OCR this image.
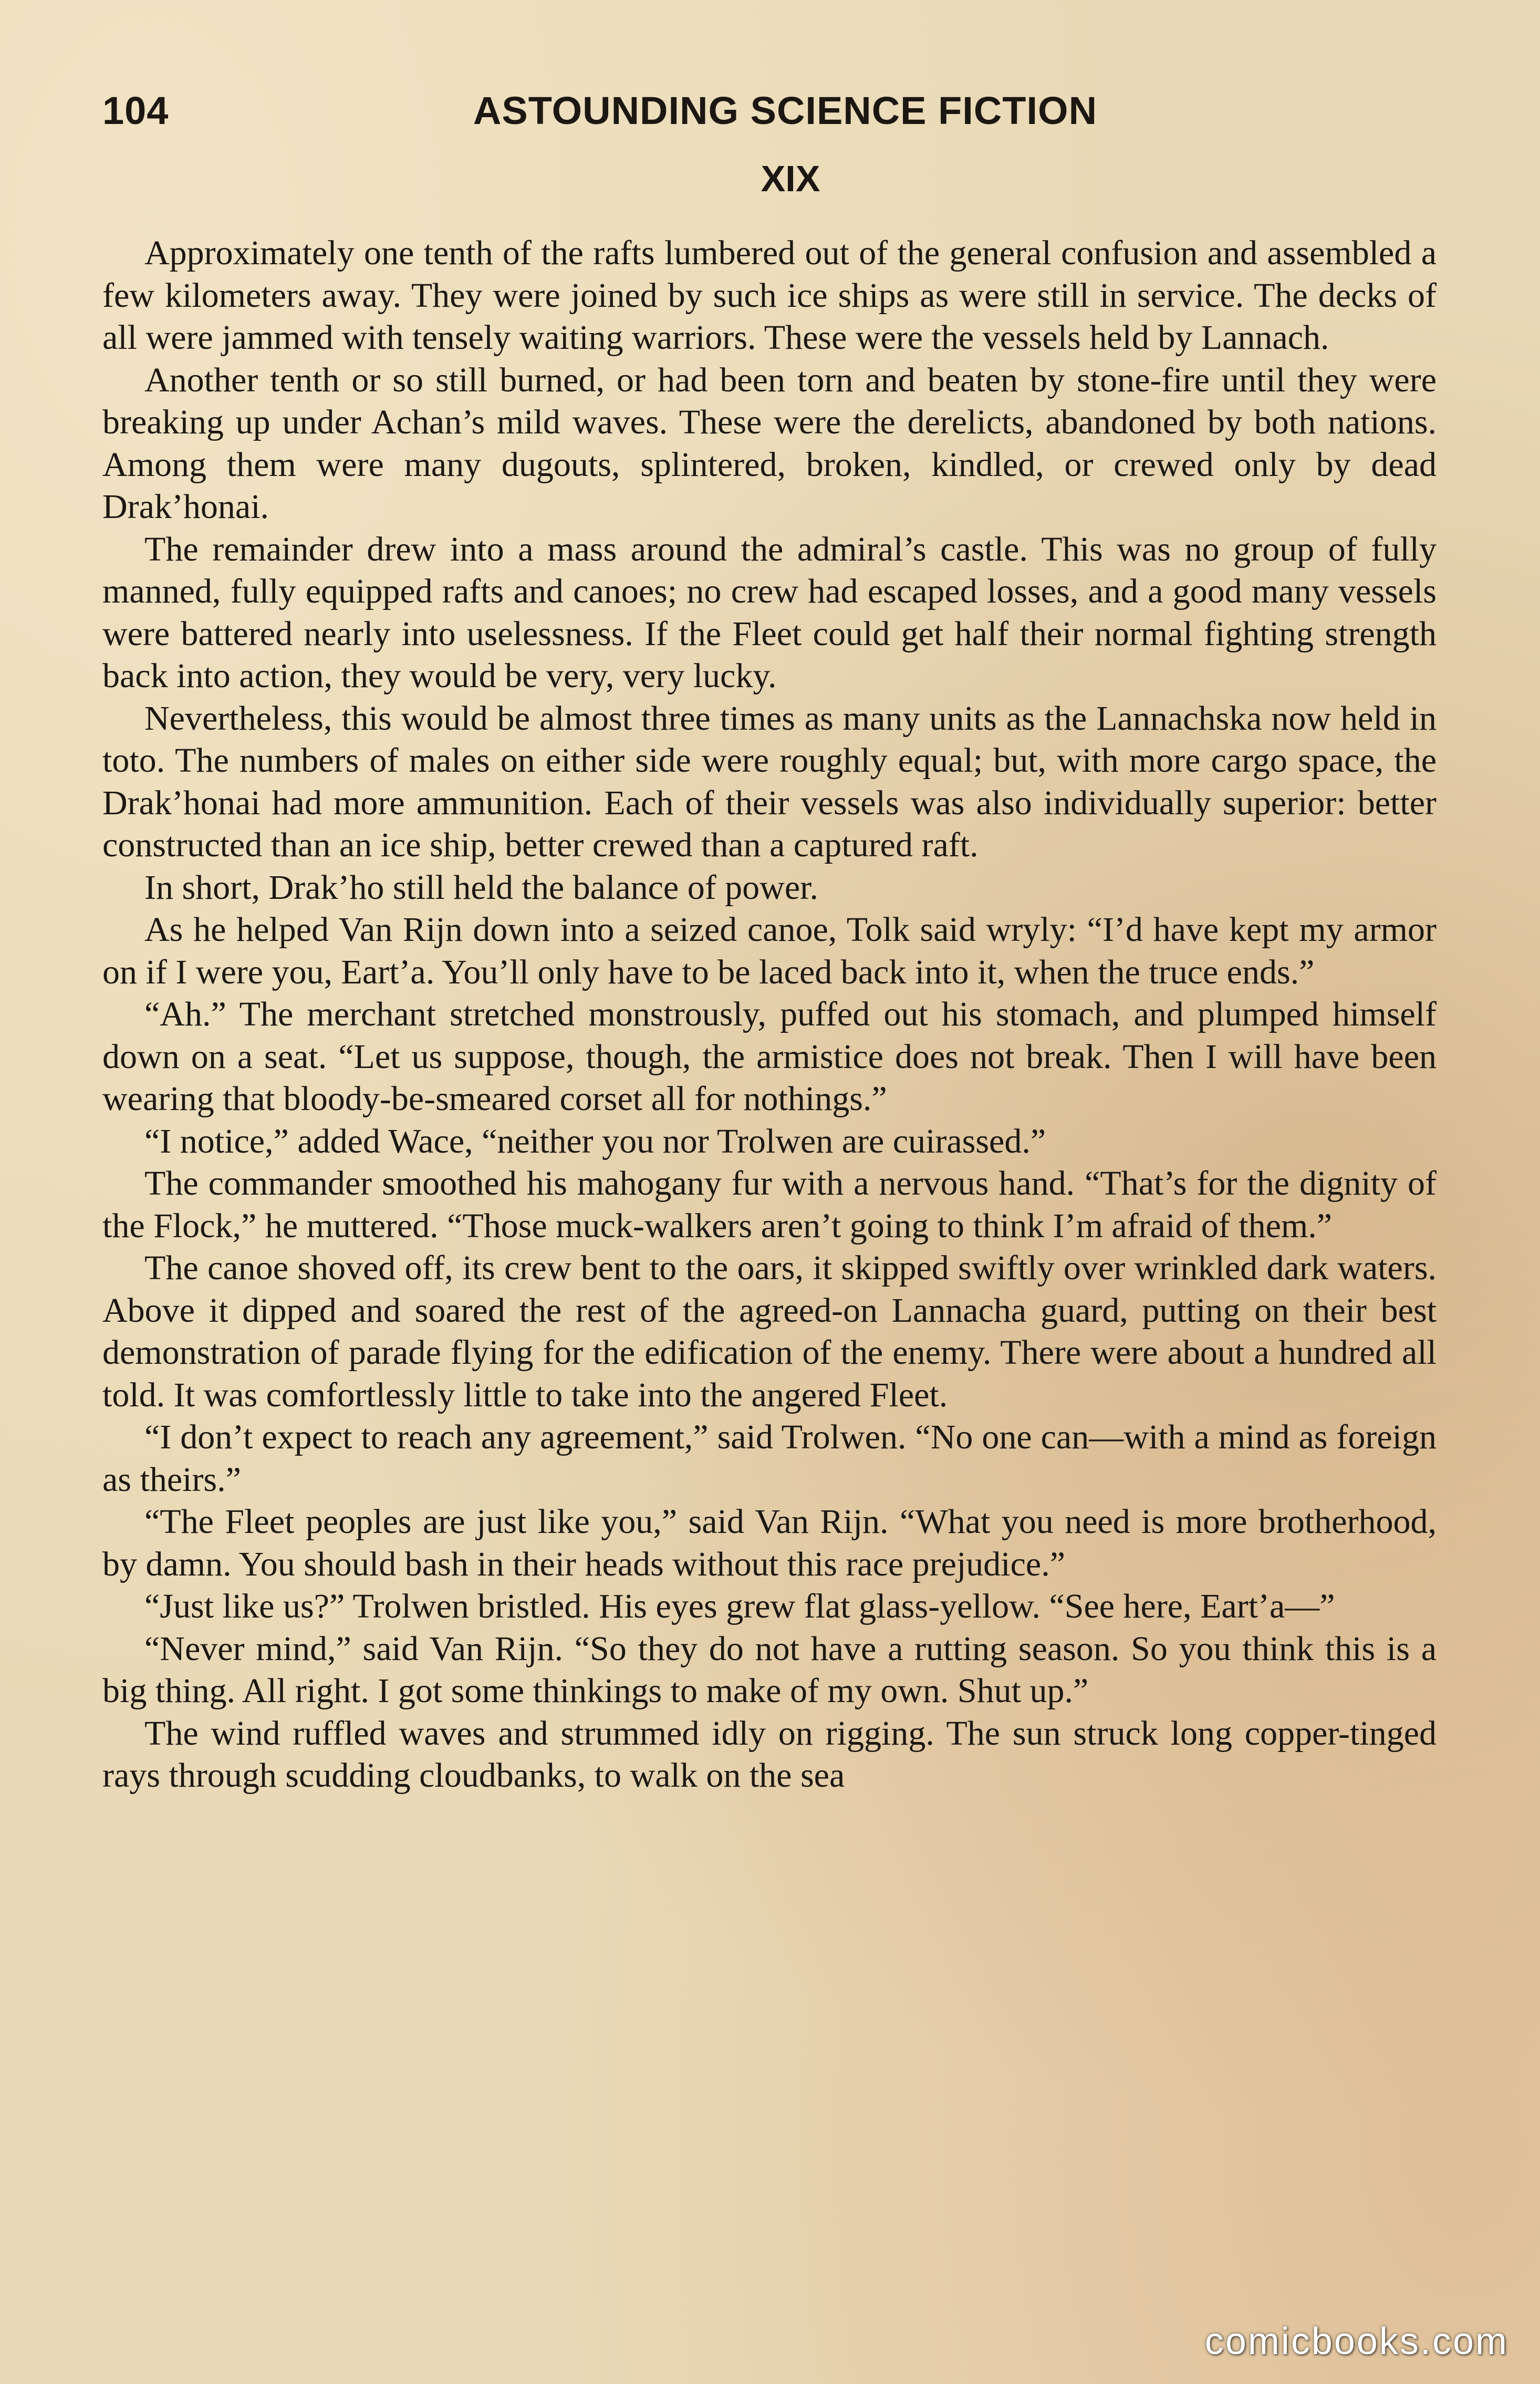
104	ASTOUNDING SCIENCE FICTION
XIX

Approximately one tenth of the rafts lumbered out of the general confusion and assembled a few kilometers away. They were joined by such ice ships as were still in service. The decks of all were jammed with tensely waiting warriors. These were the vessels held by Lannach.

Another tenth or so still burned, or had been torn and beaten by stone-fire until they were breaking up under Achan’s mild waves. These were the derelicts, abandoned by both nations. Among them were many dugouts, splintered, broken, kindled, or crewed only by dead Drak’honai.

The remainder drew into a mass around the admiral’s castle. This was no group of fully manned, fully equipped rafts and canoes; no crew had escaped losses, and a good many vessels were battered nearly into uselessness. If the Fleet could get half their normal fighting strength back into action, they would be very, very lucky.

Nevertheless, this would be almost three times as many units as the Lannachska now held in toto. The numbers of males on either side were roughly equal; but, with more cargo space, the Drak’honai had more ammunition. Each of their vessels was also individually superior: better constructed than an ice ship, better crewed than a captured raft.

In short, Drak’ho still held the balance of power.

As he helped Van Rijn down into a seized canoe, Tolk said wryly: “I’d have kept my armor on if I were you, Eart’a. You’ll only have to be laced back into it, when the truce ends.”

“Ah.” The merchant stretched monstrously, puffed out his stomach, and plumped himself down on a seat. “Let us suppose, though, the armistice does not break. Then I will have been wearing that bloody-be-smeared corset all for nothings.”

“I notice,” added Wace, “neither you nor Trolwen are cuirassed.”

The commander smoothed his mahogany fur with a nervous hand. “That’s for the dignity of the Flock,” he muttered. “Those muck-walkers aren’t going to think I’m afraid of them.”

The canoe shoved off, its crew bent to the oars, it skipped swiftly over wrinkled dark waters. Above it dipped and soared the rest of the agreed-on Lannacha guard, putting on their best demonstration of parade flying for the edification of the enemy. There were about a hundred all told. It was comfortlessly little to take into the angered Fleet.

“I don’t expect to reach any agreement,” said Trolwen. “No one can—with a mind as foreign as theirs.”

“The Fleet peoples are just like you,” said Van Rijn. “What you need is more brotherhood, by damn. You should bash in their heads without this race prejudice.”

“Just like us?” Trolwen bristled. His eyes grew flat glass-yellow. “See here, Eart’a—”

“Never mind,” said Van Rijn. “So they do not have a rutting season. So you think this is a big thing. All right. I got some thinkings to make of my own. Shut up.”

The wind ruffled waves and strummed idly on rigging. The sun struck long copper-tinged rays through scudding cloudbanks, to walk on the sea

comicbooks.com
